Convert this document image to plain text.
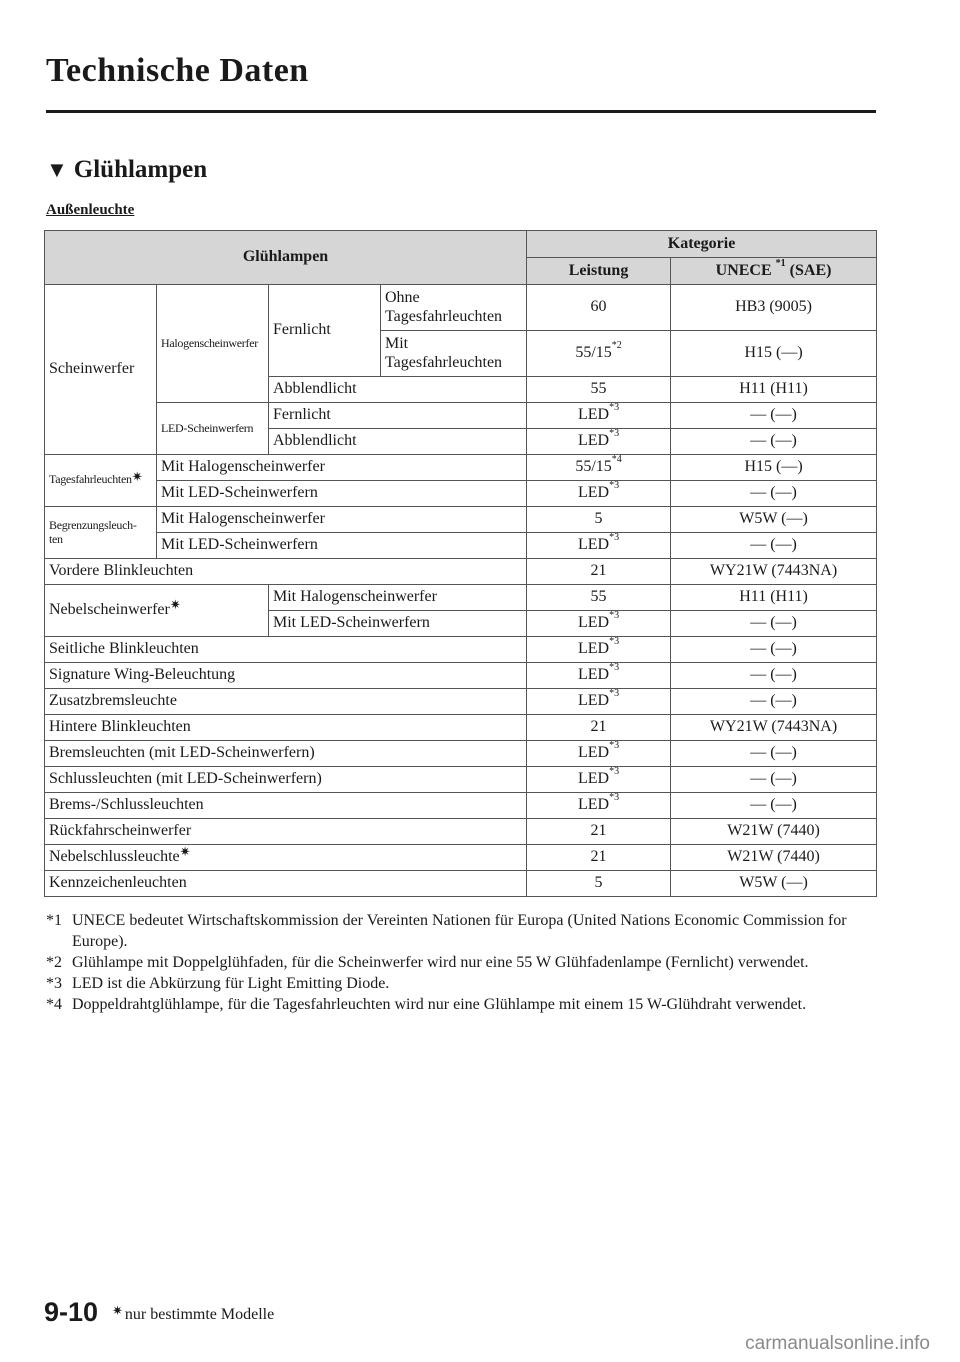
Technische Daten
▼ Glühlampen

Außenleuchte

Glühlampen				Kategorie	
				Leistung	UNECE $^{*1}$ (SAE)
Scheinwerfer	Halogenscheinwerfer	Fernlicht	Ohne
Tagesfahrleuchten	60	HB3 (9005)
			Mit
Tagesfahrleuchten	55/15$^{*2}$	H15 (―)
		Abblendlicht		55	H11 (H11)
	LED-Scheinwerfern	Fernlicht		LED$^{*3}$	― (―)
		Abblendlicht		LED$^{*3}$	― (―)

Tagesfahrleuchten✷	Mit Halogenscheinwerfer			55/15$^{*4}$	H15 (―)
	Mit LED-Scheinwerfern			LED$^{*3}$	― (―)
Begrenzungsleuch-
ten	Mit Halogenscheinwerfer			5	W5W (―)
	Mit LED-Scheinwerfern			LED$^{*3}$	― (―)
Vordere Blinkleuchten				21	WY21W (7443NA)
Nebelscheinwerfer✷		Mit Halogenscheinwerfer		55	H11 (H11)
		Mit LED-Scheinwerfern		LED$^{*3}$	― (―)
Seitliche Blinkleuchten				LED$^{*3}$	― (―)
Signature Wing-Beleuchtung				LED$^{*3}$	― (―)
Zusatzbremsleuchte				LED$^{*3}$	― (―)
Hintere Blinkleuchten				21	WY21W (7443NA)
Bremsleuchten (mit LED-Scheinwerfern)				LED$^{*3}$	― (―)
Schlussleuchten (mit LED-Scheinwerfern)				LED$^{*3}$	― (―)
Brems-/Schlussleuchten				LED$^{*3}$	― (―)
Rückfahrscheinwerfer				21	W21W (7440)
Nebelschlussleuchte✷				21	W21W (7440)
Kennzeichenleuchten				5	W5W (―)
*1 UNECE bedeutet Wirtschaftskommission der Vereinten Nationen für Europa (United Nations Economic Commission for Europe).
*2 Glühlampe mit Doppelglühfaden, für die Scheinwerfer wird nur eine 55 W Glühfadenlampe (Fernlicht) verwendet.
*3 LED ist die Abkürzung für Light Emitting Diode.
*4 Doppeldrahtglühlampe, für die Tagesfahrleuchten wird nur eine Glühlampe mit einem 15 W-Glühdraht verwendet.
9-10 ✷ nur bestimmte Modelle
carmanualsonline.info
